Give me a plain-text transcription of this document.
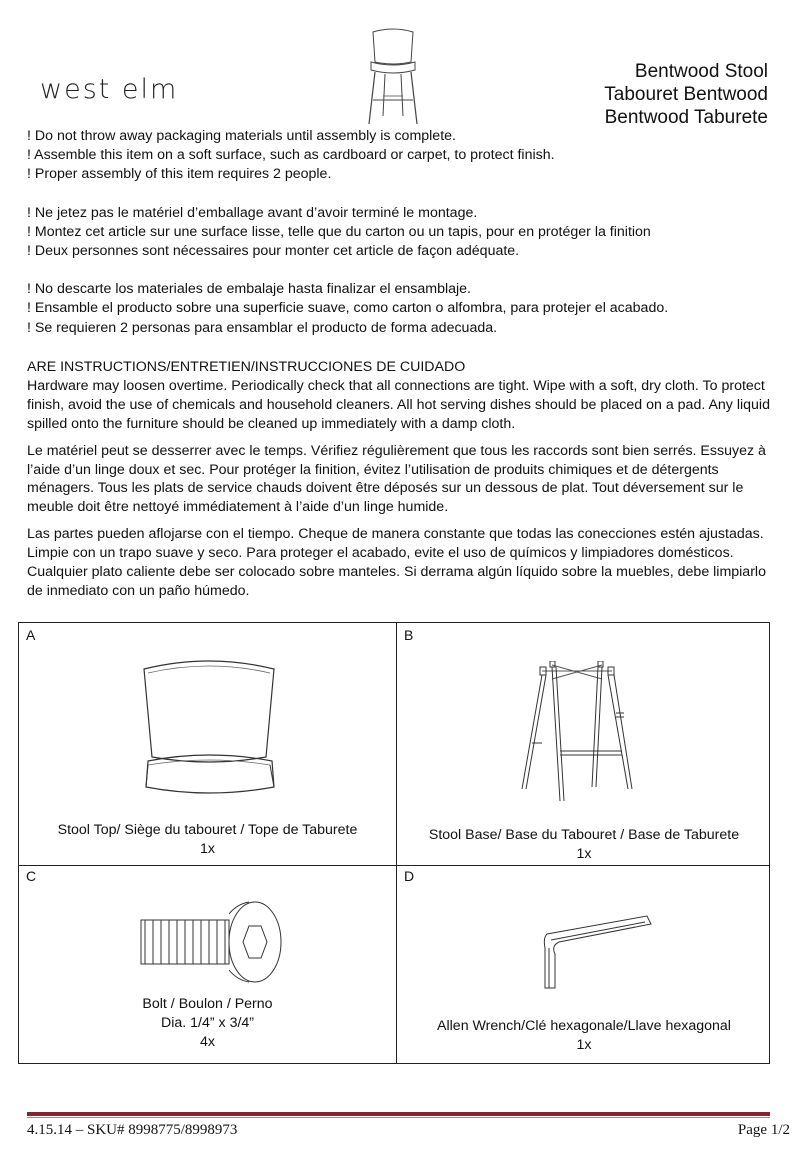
west elm
Bentwood Stool
Tabouret Bentwood
Bentwood Taburete
! Do not throw away packaging materials until assembly is complete.
! Assemble this item on a soft surface, such as cardboard or carpet, to protect finish.
! Proper assembly of this item requires 2 people.
! Ne jetez pas le matériel d’emballage avant d’avoir terminé le montage.
! Montez cet article sur une surface lisse, telle que du carton ou un tapis, pour en protéger la finition
! Deux personnes sont nécessaires pour monter cet article de façon adéquate.
! No descarte los materiales de embalaje hasta finalizar el ensamblaje.
! Ensamble el producto sobre una superficie suave, como carton o alfombra, para protejer el acabado.
! Se requieren 2 personas para ensamblar el producto de forma adecuada.

ARE INSTRUCTIONS/ENTRETIEN/INSTRUCCIONES DE CUIDADO

Hardware may loosen overtime. Periodically check that all connections are tight. Wipe with a soft, dry cloth. To protect finish, avoid the use of chemicals and household cleaners. All hot serving dishes should be placed on a pad. Any liquid spilled onto the furniture should be cleaned up immediately with a damp cloth.

Le matériel peut se desserrer avec le temps. Vérifiez régulièrement que tous les raccords sont bien serrés. Essuyez à l’aide d’un linge doux et sec. Pour protéger la finition, évitez l’utilisation de produits chimiques et de détergents ménagers. Tous les plats de service chauds doivent être déposés sur un dessous de plat. Tout déversement sur le meuble doit être nettoyé immédiatement à l’aide d’un linge humide.

Las partes pueden aflojarse con el tiempo. Cheque de manera constante que todas las conecciones estén ajustadas. Limpie con un trapo suave y seco. Para proteger el acabado, evite el uso de químicos y limpiadores domésticos. Cualquier plato caliente debe ser colocado sobre manteles. Si derrama algún líquido sobre la muebles, debe limpiarlo de inmediato con un paño húmedo.

A
Stool Top/ Siège du tabouret / Tope de Taburete
1x
B
Stool Base/ Base du Tabouret / Base de Taburete
1x
C
Bolt / Boulon / Perno
Dia. 1/4” x 3/4”
4x
D
Allen Wrench/Clé hexagonale/Llave hexagonal
1x
4.15.14 – SKU# 8998775/8998973	Page 1/2
